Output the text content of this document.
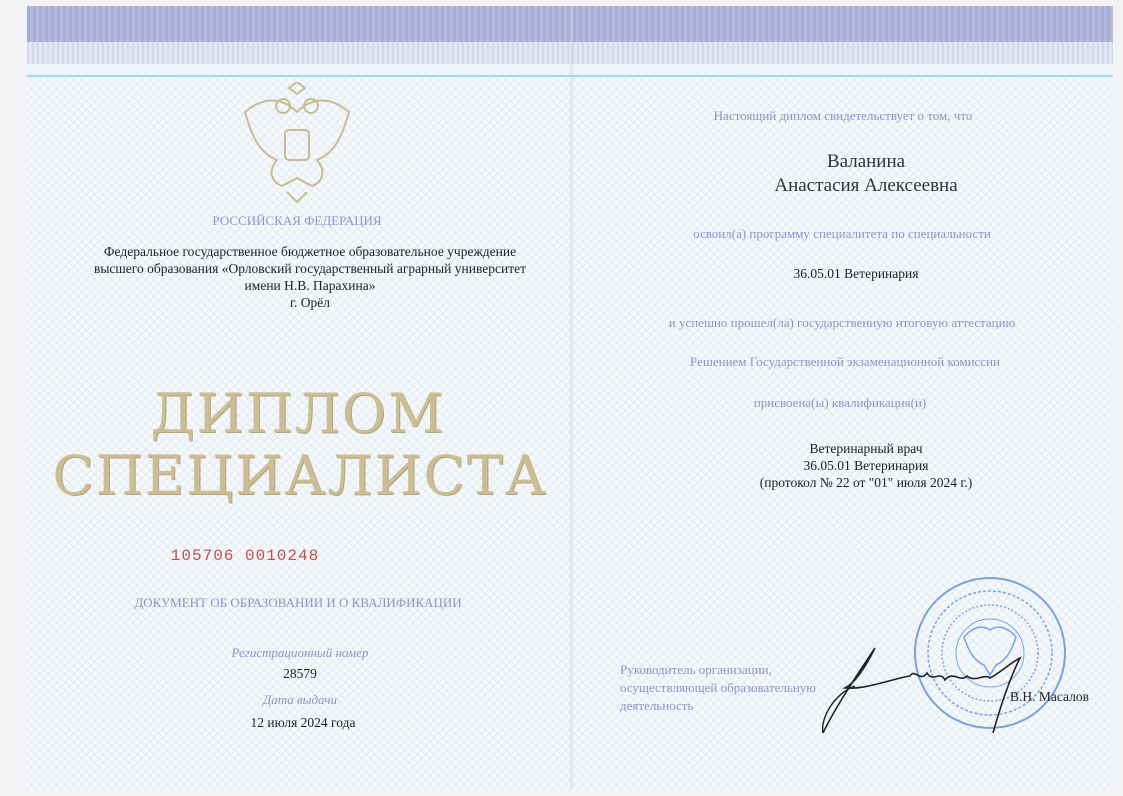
РОССИЙСКАЯ ФЕДЕРАЦИЯ
Федеральное государственное бюджетное образовательное учреждение
высшего образования «Орловский государственный аграрный университет
имени Н.В. Парахина»
г. Орёл
ДИПЛОМ
СПЕЦИАЛИСТА
105706 0010248
ДОКУМЕНТ ОБ ОБРАЗОВАНИИ И О КВАЛИФИКАЦИИ
Регистрационный номер
28579
Дата выдачи
12 июля 2024 года
Настоящий диплом свидетельствует о том, что
Валанина
Анастасия Алексеевна
освоил(а) программу специалитета по специальности
36.05.01 Ветеринария
и успешно прошел(ла) государственную итоговую аттестацию
Решением Государственной экзаменационной комиссии
присвоена(ы) квалификация(и)
Ветеринарный врач
36.05.01 Ветеринария
(протокол № 22 от "01" июля 2024 г.)
Руководитель организации,
осуществляющей образовательную
деятельность
В.Н. Масалов
